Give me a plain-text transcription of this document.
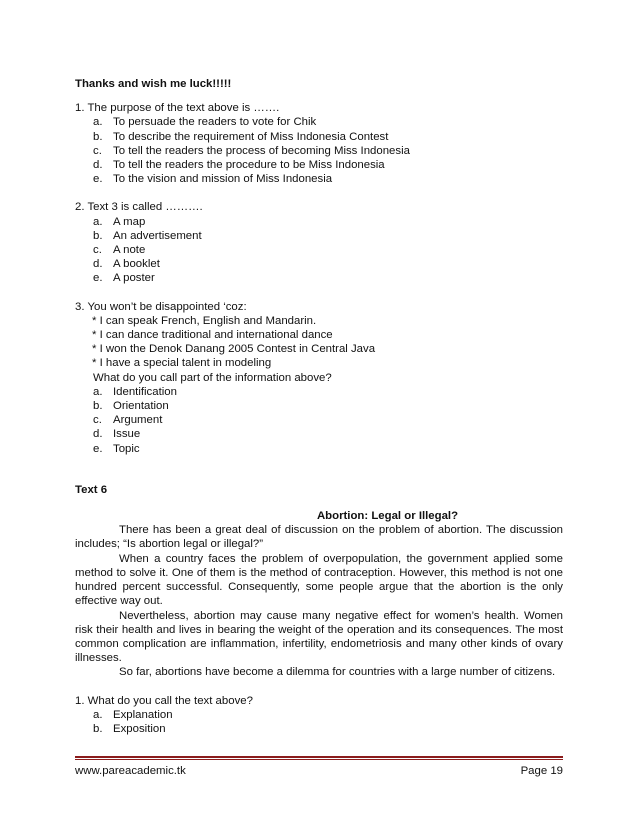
Thanks and wish me luck!!!!!

1. The purpose of the text above is …….
a. To persuade the readers to vote for Chik
b. To describe the requirement of Miss Indonesia Contest
c. To tell the readers the process of becoming Miss Indonesia
d. To tell the readers the procedure to be Miss Indonesia
e. To the vision and mission of Miss Indonesia
2. Text 3 is called ……….
a. A map
b. An advertisement
c. A note
d. A booklet
e. A poster
3. You won’t be disappointed ‘coz:
* I can speak French, English and Mandarin.
* I can dance traditional and international dance
* I won the Denok Danang 2005 Contest in Central Java
* I have a special talent in modeling
What do you call part of the information above?
a. Identification
b. Orientation
c. Argument
d. Issue
e. Topic
Text 6

Abortion: Legal or Illegal?

There has been a great deal of discussion on the problem of abortion. The discussion includes; “Is abortion legal or illegal?”

When a country faces the problem of overpopulation, the government applied some method to solve it. One of them is the method of contraception. However, this method is not one hundred percent successful. Consequently, some people argue that the abortion is the only effective way out.

Nevertheless, abortion may cause many negative effect for women’s health. Women risk their health and lives in bearing the weight of the operation and its consequences. The most common complication are inflammation, infertility, endometriosis and many other kinds of ovary illnesses.

So far, abortions have become a dilemma for countries with a large number of citizens.

1. What do you call the text above?
a. Explanation
b. Exposition
www.pareacademic.tk	Page 19
